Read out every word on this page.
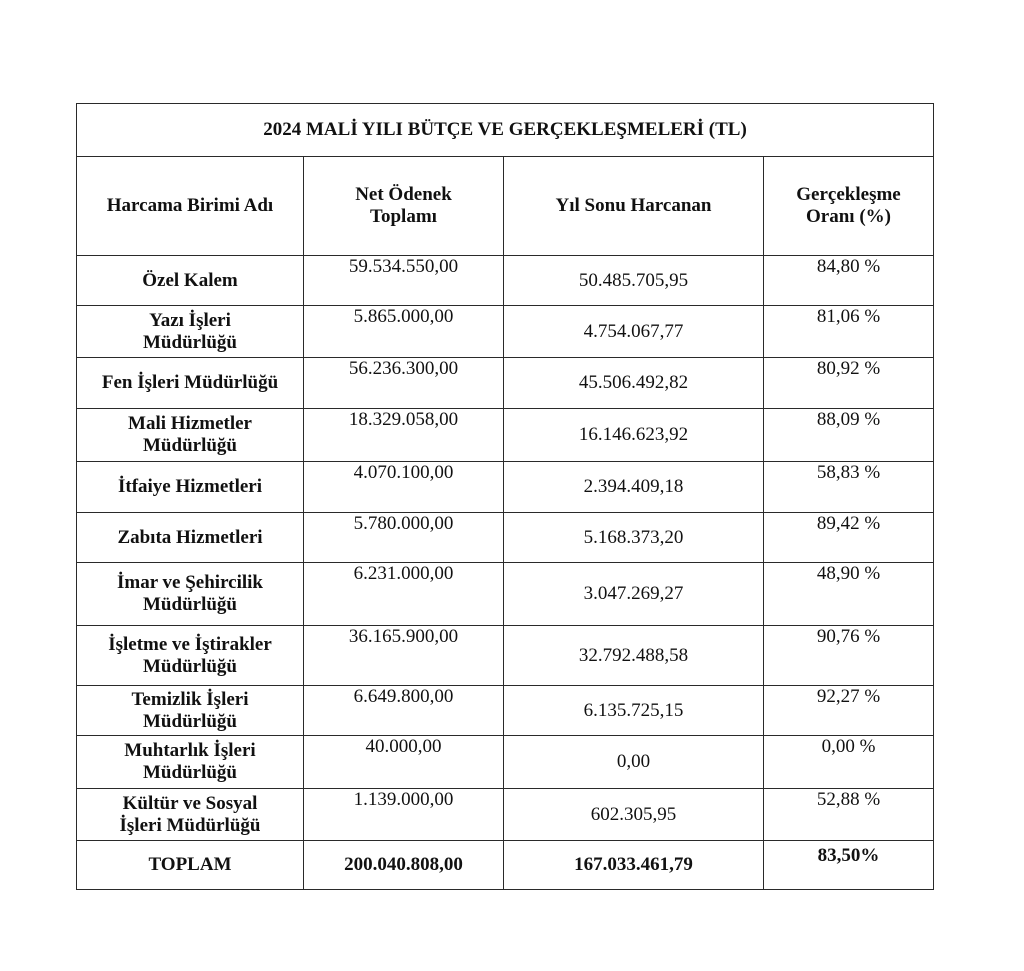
2024 MALİ YILI BÜTÇE VE GERÇEKLEŞMELERİ (TL)			
Harcama Birimi Adı	Net Ödenek Toplamı	Yıl Sonu Harcanan	Gerçekleşme Oranı (%)

Özel Kalem	59.534.550,00	50.485.705,95	84,80 %

Yazı İşleri Müdürlüğü	5.865.000,00	4.754.067,77	81,06 %

Fen İşleri Müdürlüğü	56.236.300,00	45.506.492,82	80,92 %

Mali Hizmetler Müdürlüğü	18.329.058,00	16.146.623,92	88,09 %

İtfaiye Hizmetleri	4.070.100,00	2.394.409,18	58,83 %

Zabıta Hizmetleri	5.780.000,00	5.168.373,20	89,42 %

İmar ve Şehircilik Müdürlüğü	6.231.000,00	3.047.269,27	48,90 %

İşletme ve İştirakler Müdürlüğü	36.165.900,00	32.792.488,58	90,76 %

Temizlik İşleri Müdürlüğü	6.649.800,00	6.135.725,15	92,27 %

Muhtarlık İşleri Müdürlüğü	40.000,00	0,00	0,00 %

Kültür ve Sosyal İşleri Müdürlüğü	1.139.000,00	602.305,95	52,88 %
TOPLAM	200.040.808,00	167.033.461,79	83,50%
